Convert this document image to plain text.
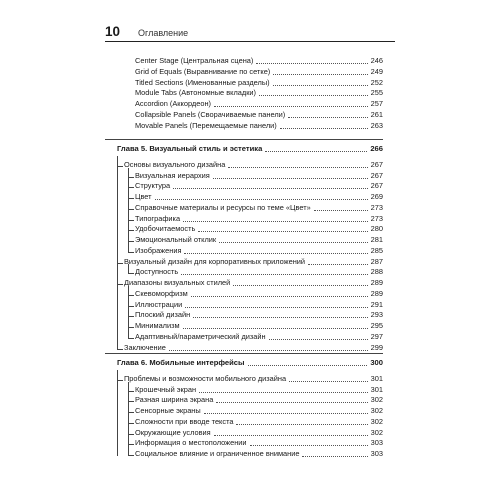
10 Оглавление
Center Stage (Центральная сцена)	246
Grid of Equals (Выравнивание по сетке)	249
Titled Sections (Именованные разделы)	252
Module Tabs (Автономные вкладки)	255
Accordion (Аккордеон)	257
Collapsible Panels (Сворачиваемые панели)	261
Movable Panels (Перемещаемые панели)	263
Глава 5. Визуальный стиль и эстетика	266
Основы визуального дизайна	267
Визуальная иерархия	267
Структура	267
Цвет	269
Справочные материалы и ресурсы по теме «Цвет»	273
Типографика	273
Удобочитаемость	280
Эмоциональный отклик	281
Изображения	285
Визуальный дизайн для корпоративных приложений	287
Доступность	288
Диапазоны визуальных стилей	289
Скевоморфизм	289
Иллюстрации	291
Плоский дизайн	293
Минимализм	295
Адаптивный/параметрический дизайн	297
Заключение	299
Глава 6. Мобильные интерфейсы	300
Проблемы и возможности мобильного дизайна	301
Крошечный экран	301
Разная ширина экрана	302
Сенсорные экраны	302
Сложности при вводе текста	302
Окружающие условия	302
Информация о местоположении	303
Социальное влияние и ограниченное внимание	303
